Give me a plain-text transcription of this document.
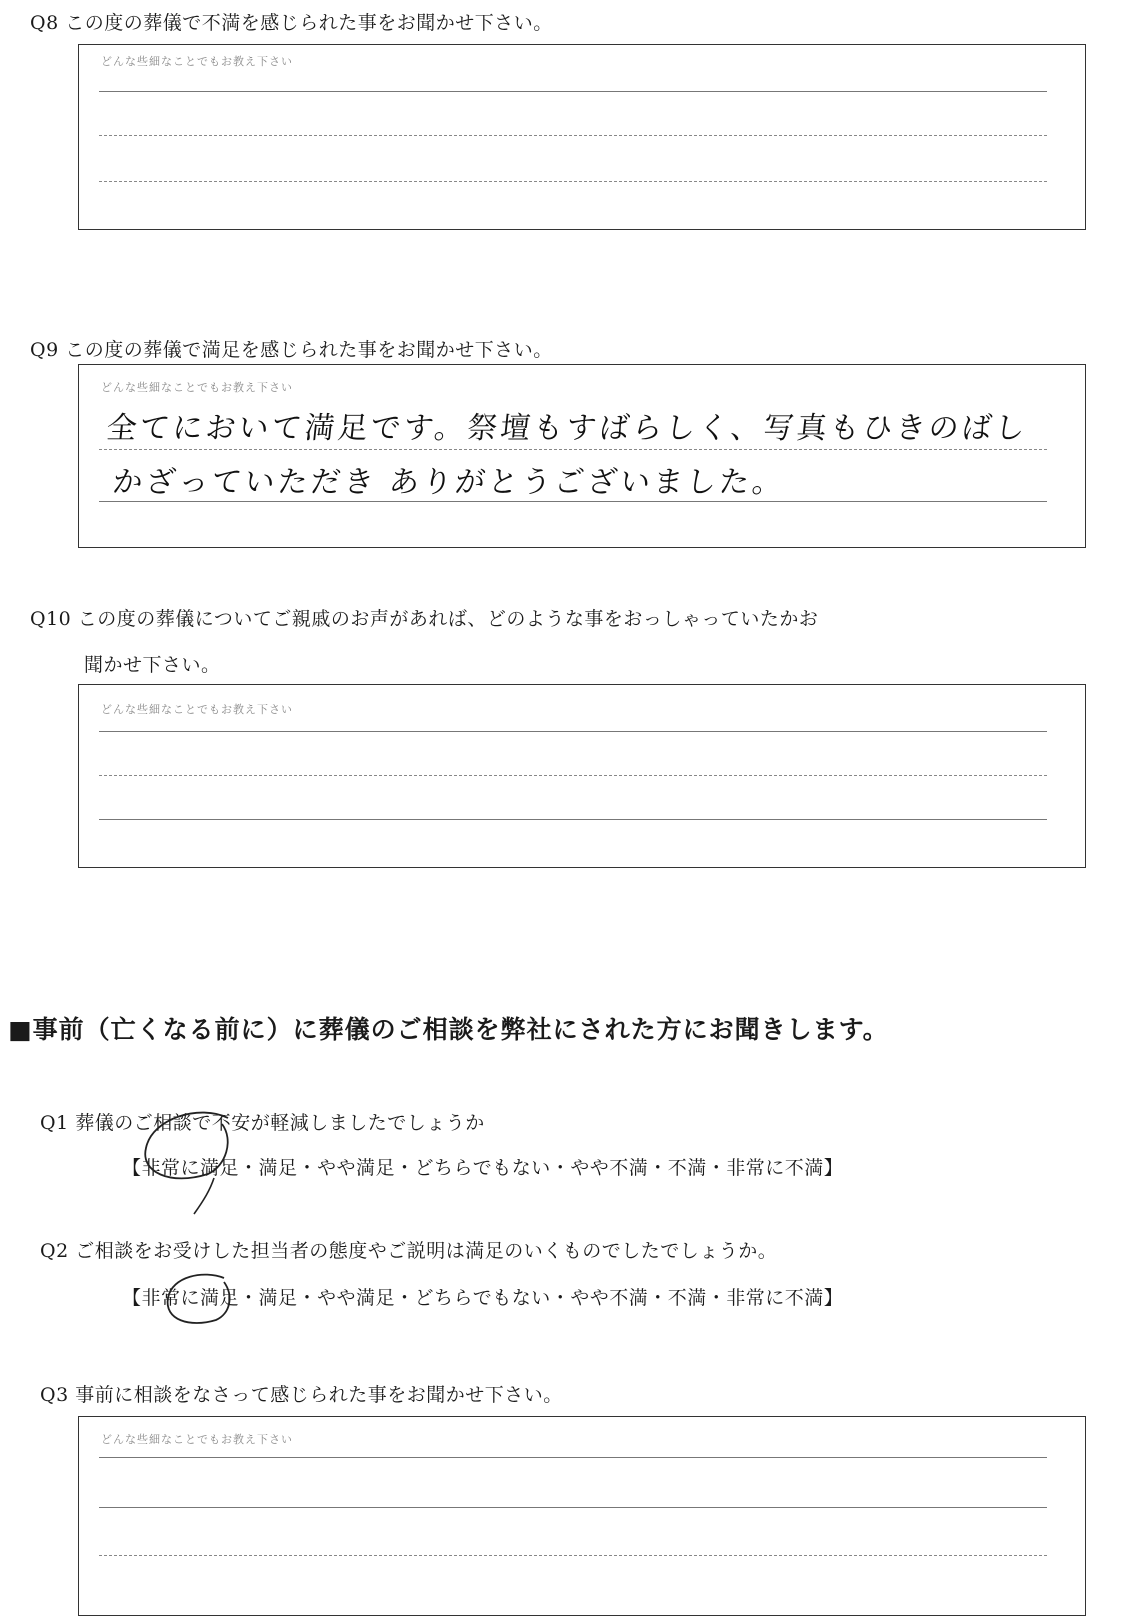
Q8 この度の葬儀で不満を感じられた事をお聞かせ下さい。
どんな些細なことでもお教え下さい
Q9 この度の葬儀で満足を感じられた事をお聞かせ下さい。
どんな些細なことでもお教え下さい
全てにおいて満足です。祭壇もすばらしく、写真もひきのばし
かざっていただき ありがとうございました。
Q10 この度の葬儀についてご親戚のお声があれば、どのような事をおっしゃっていたかお
聞かせ下さい。
どんな些細なことでもお教え下さい
■事前（亡くなる前に）に葬儀のご相談を弊社にされた方にお聞きします。
Q1 葬儀のご相談で不安が軽減しましたでしょうか
【非常に満足・満足・やや満足・どちらでもない・やや不満・不満・非常に不満】
Q2 ご相談をお受けした担当者の態度やご説明は満足のいくものでしたでしょうか。
【非常に満足・満足・やや満足・どちらでもない・やや不満・不満・非常に不満】
Q3 事前に相談をなさって感じられた事をお聞かせ下さい。
どんな些細なことでもお教え下さい
